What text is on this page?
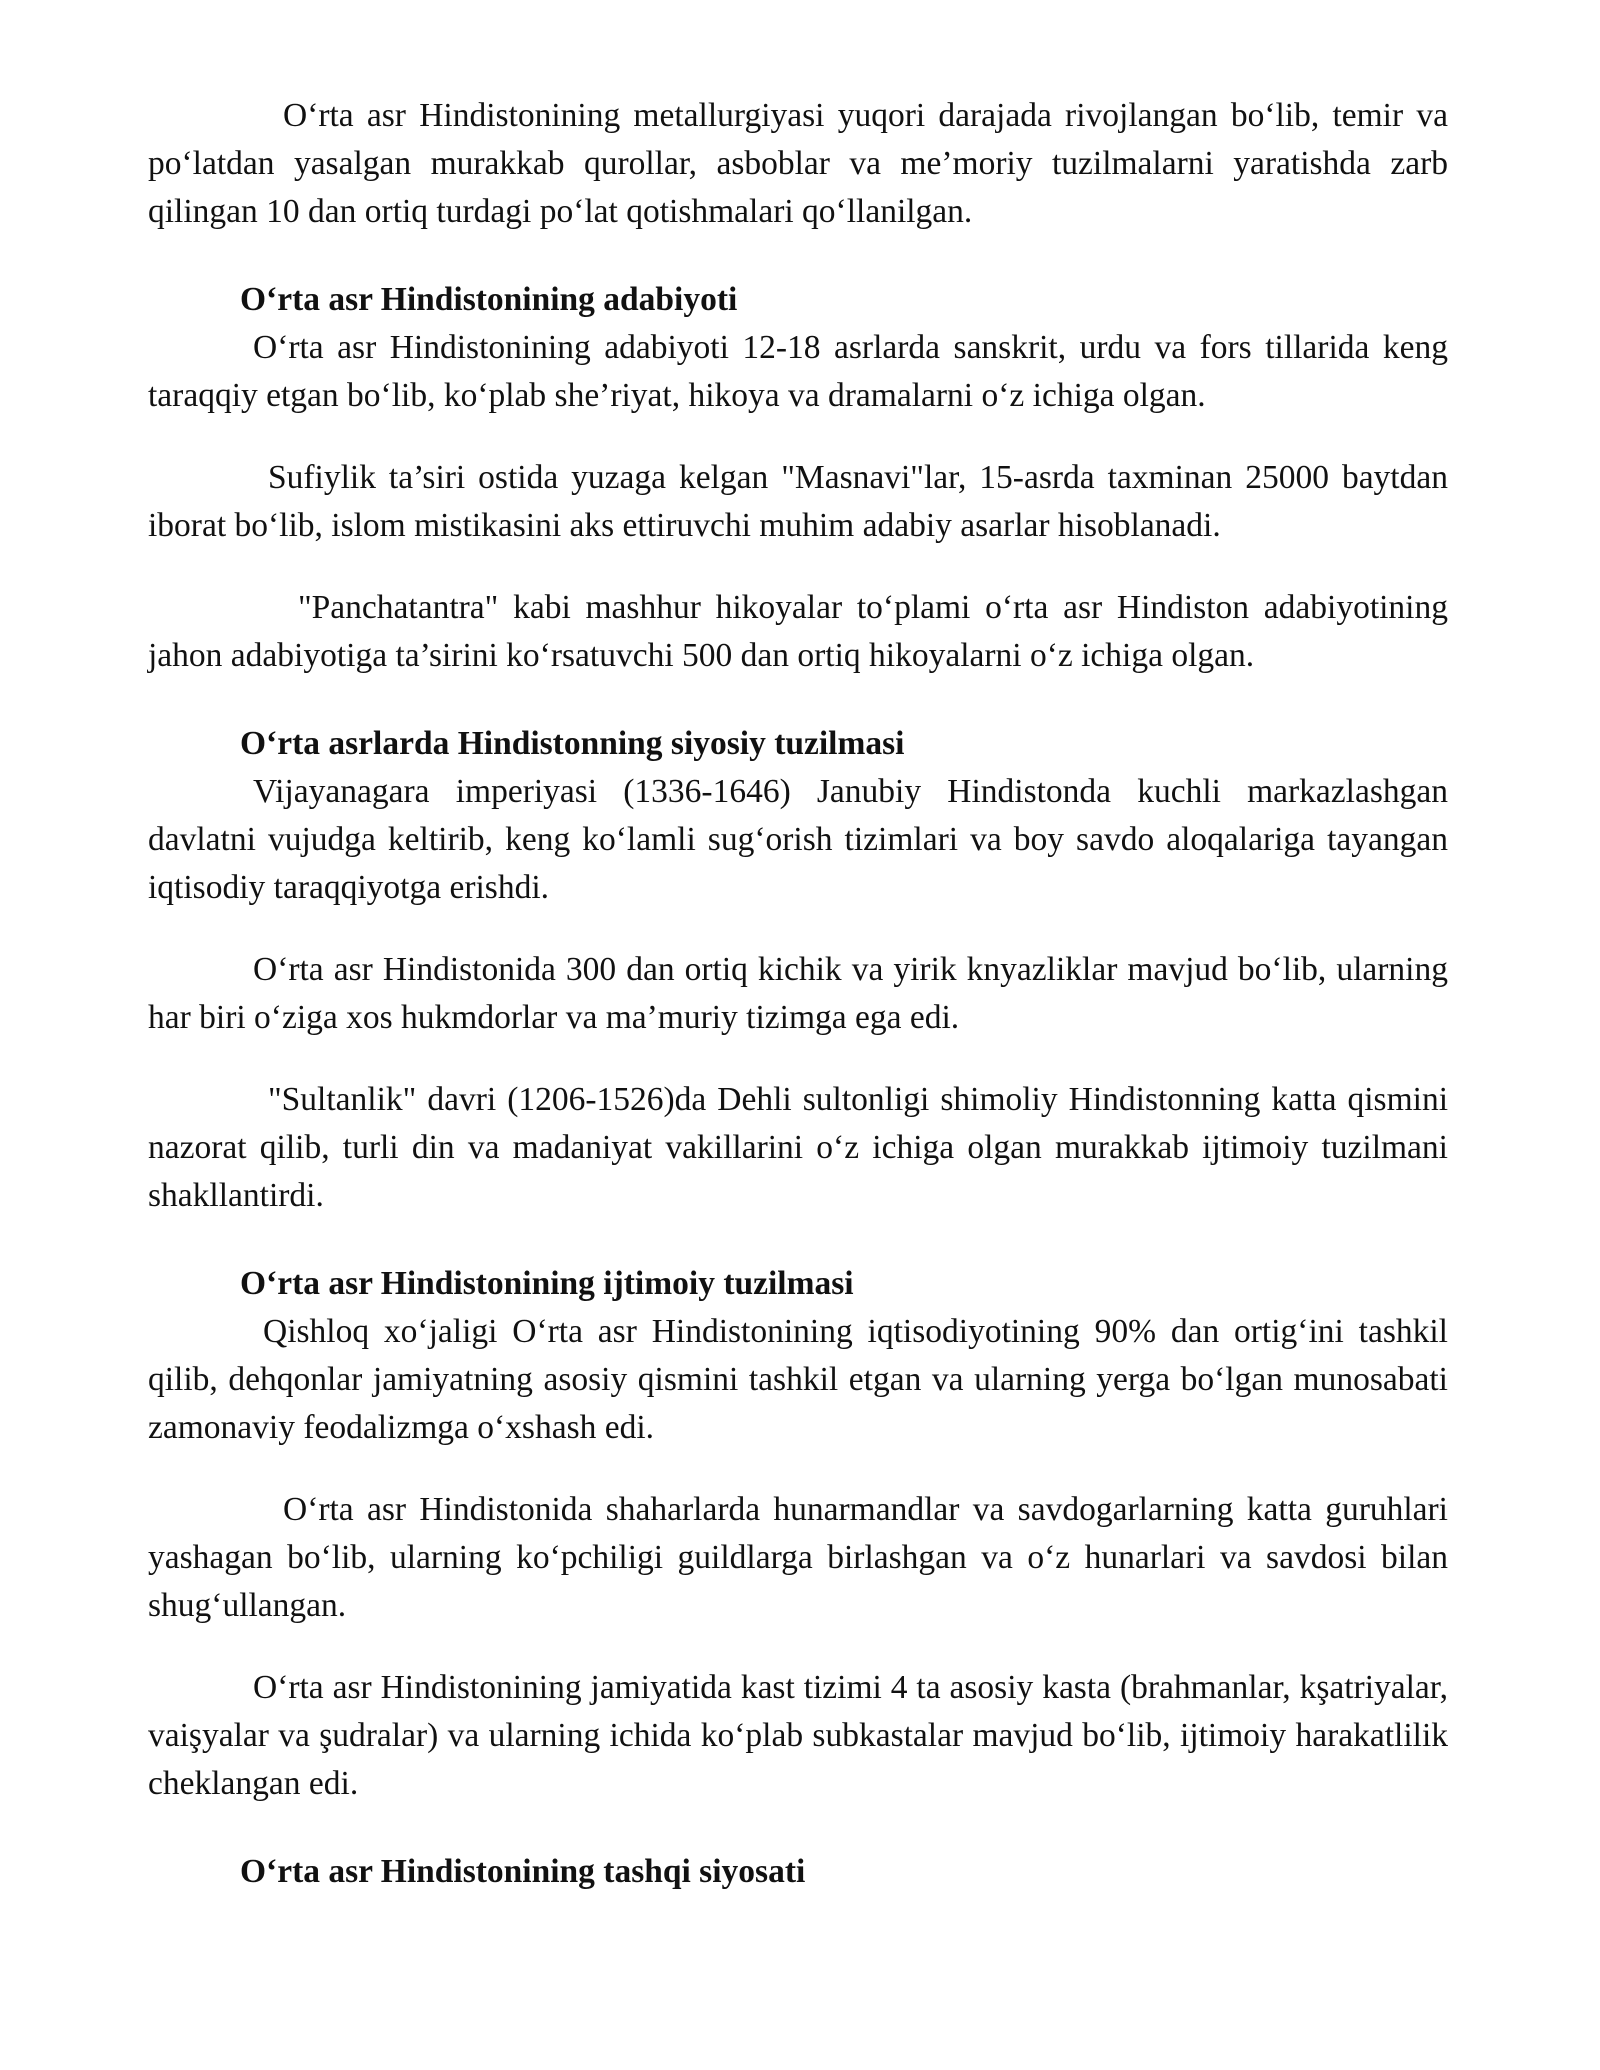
O‘rta asr Hindistonining metallurgiyasi yuqori darajada rivojlangan bo‘lib, temir va po‘latdan yasalgan murakkab qurollar, asboblar va me’moriy tuzilmalarni yaratishda zarb qilingan 10 dan ortiq turdagi po‘lat qotishmalari qo‘llanilgan.

O‘rta asr Hindistonining adabiyoti

O‘rta asr Hindistonining adabiyoti 12-18 asrlarda sanskrit, urdu va fors tillarida keng taraqqiy etgan bo‘lib, ko‘plab she’riyat, hikoya va dramalarni o‘z ichiga olgan.

Sufiylik ta’siri ostida yuzaga kelgan "Masnavi"lar, 15-asrda taxminan 25000 baytdan iborat bo‘lib, islom mistikasini aks ettiruvchi muhim adabiy asarlar hisoblanadi.

"Panchatantra" kabi mashhur hikoyalar to‘plami o‘rta asr Hindiston adabiyotining jahon adabiyotiga ta’sirini ko‘rsatuvchi 500 dan ortiq hikoyalarni o‘z ichiga olgan.

O‘rta asrlarda Hindistonning siyosiy tuzilmasi

Vijayanagara imperiyasi (1336-1646) Janubiy Hindistonda kuchli markazlashgan davlatni vujudga keltirib, keng ko‘lamli sug‘orish tizimlari va boy savdo aloqalariga tayangan iqtisodiy taraqqiyotga erishdi.

O‘rta asr Hindistonida 300 dan ortiq kichik va yirik knyazliklar mavjud bo‘lib, ularning har biri o‘ziga xos hukmdorlar va ma’muriy tizimga ega edi.

"Sultanlik" davri (1206-1526)da Dehli sultonligi shimoliy Hindistonning katta qismini nazorat qilib, turli din va madaniyat vakillarini o‘z ichiga olgan murakkab ijtimoiy tuzilmani shakllantirdi.

O‘rta asr Hindistonining ijtimoiy tuzilmasi

Qishloq xo‘jaligi O‘rta asr Hindistonining iqtisodiyotining 90% dan ortig‘ini tashkil qilib, dehqonlar jamiyatning asosiy qismini tashkil etgan va ularning yerga bo‘lgan munosabati zamonaviy feodalizmga o‘xshash edi.

O‘rta asr Hindistonida shaharlarda hunarmandlar va savdogarlarning katta guruhlari yashagan bo‘lib, ularning ko‘pchiligi guildlarga birlashgan va o‘z hunarlari va savdosi bilan shug‘ullangan.

O‘rta asr Hindistonining jamiyatida kast tizimi 4 ta asosiy kasta (brahmanlar, kşatriyalar, vaişyalar va şudralar) va ularning ichida ko‘plab subkastalar mavjud bo‘lib, ijtimoiy harakatlilik cheklangan edi.

O‘rta asr Hindistonining tashqi siyosati
